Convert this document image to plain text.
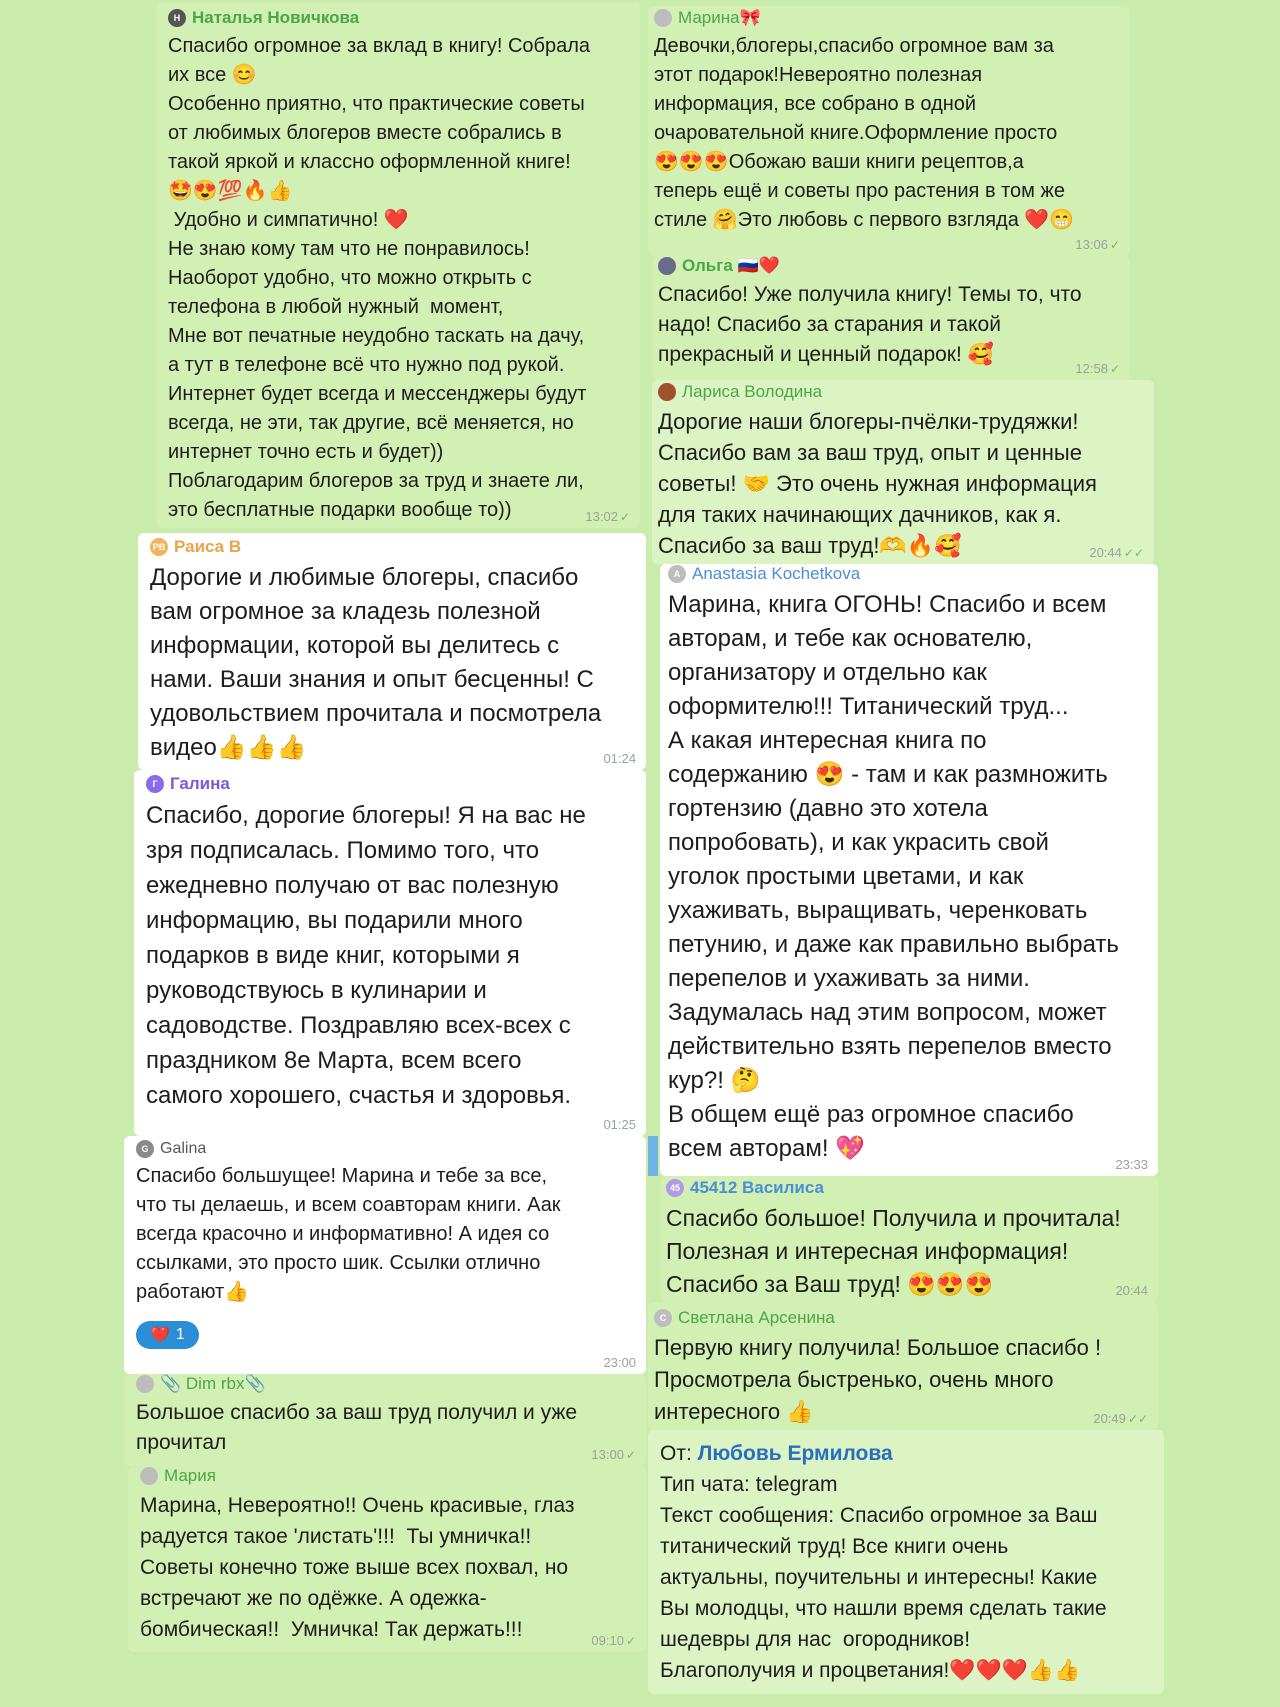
Н Наталья Новичкова
Спасибо огромное за вклад в книгу! Собрала
их все 😊
Особенно приятно, что практические советы
от любимых блогеров вместе собрались в
такой яркой и классно оформленной книге!
🤩😍💯🔥👍
Удобно и симпатично! ❤️
Не знаю кому там что не понравилось!
Наоборот удобно, что можно открыть с
телефона в любой нужный  момент,
Мне вот печатные неудобно таскать на дачу,
а тут в телефоне всё что нужно под рукой.
Интернет будет всегда и мессенджеры будут
всегда, не эти, так другие, всё меняется, но
интернет точно есть и будет))
Поблагодарим блогеров за труд и знаете ли,
это бесплатные подарки вообще то))	13:02 ✓
РВ Раиса В
Дорогие и любимые блогеры, спасибо
вам огромное за кладезь полезной
информации, которой вы делитесь с
нами. Ваши знания и опыт бесценны! С
удовольствием прочитала и посмотрела
видео👍👍👍	01:24
Г Галина
Спасибо, дорогие блогеры! Я на вас не
зря подписалась. Помимо того, что
ежедневно получаю от вас полезную
информацию, вы подарили много
подарков в виде книг, которыми я
руководствуюсь в кулинарии и
садоводстве. Поздравляю всех-всех с
праздником 8е Марта, всем всего
самого хорошего, счастья и здоровья.
01:25
G Galina
Спасибо большущее! Марина и тебе за все,
что ты делаешь, и всем соавторам книги. Аак
всегда красочно и информативно! А идея со
ссылками, это просто шик. Ссылки отлично
работают👍
❤️ 1
23:00
📎 Dim rbx📎
Большое спасибо за ваш труд получил и уже
прочитал
13:00 ✓
Мария
Марина, Невероятно!! Очень красивые, глаз
радуется такое 'листать'!!!  Ты умничка!!
Советы конечно тоже выше всех похвал, но
встречают же по одёжке. А одежка-
бомбическая!!  Умничка! Так держать!!!	09:10 ✓
Марина🎀
Девочки,блогеры,спасибо огромное вам за
этот подарок!Невероятно полезная
информация, все собрано в одной
очаровательной книге.Оформление просто
😍😍😍Обожаю ваши книги рецептов,а
теперь ещё и советы про растения в том же
стиле 🤗Это любовь с первого взгляда ❤️😁
13:06 ✓
Ольга 🇷🇺❤️
Спасибо! Уже получила книгу! Темы то, что
надо! Спасибо за старания и такой
прекрасный и ценный подарок! 🥰
12:58 ✓
Лариса Володина
Дорогие наши блогеры-пчёлки-трудяжки!
Спасибо вам за ваш труд, опыт и ценные
советы! 🤝 Это очень нужная информация
для таких начинающих дачников, как я.
Спасибо за ваш труд!🫶🔥🥰	20:44 ✓✓
A Anastasia Kochetkova
Марина, книга ОГОНЬ! Спасибо и всем
авторам, и тебе как основателю,
организатору и отдельно как
оформителю!!! Титанический труд...
А какая интересная книга по
содержанию 😍 - там и как размножить
гортензию (давно это хотела
попробовать), и как украсить свой
уголок простыми цветами, и как
ухаживать, выращивать, черенковать
петунию, и даже как правильно выбрать
перепелов и ухаживать за ними.
Задумалась над этим вопросом, может
действительно взять перепелов вместо
кур?! 🤔
В общем ещё раз огромное спасибо
всем авторам! 💖
23:33
45 45412 Василиса
Спасибо большое! Получила и прочитала!
Полезная и интересная информация!
Спасибо за Ваш труд! 😍😍😍	20:44
C Светлана Арсенина
Первую книгу получила! Большое спасибо !
Просмотрела быстренько, очень много
интересного 👍	20:49 ✓✓
От: Любовь Ермилова
Тип чата: telegram
Текст сообщения: Спасибо огромное за Ваш
титанический труд! Все книги очень
актуальны, поучительны и интересны! Какие
Вы молодцы, что нашли время сделать такие
шедевры для нас  огородников!
Благополучия и процветания!❤️❤️❤️👍👍
